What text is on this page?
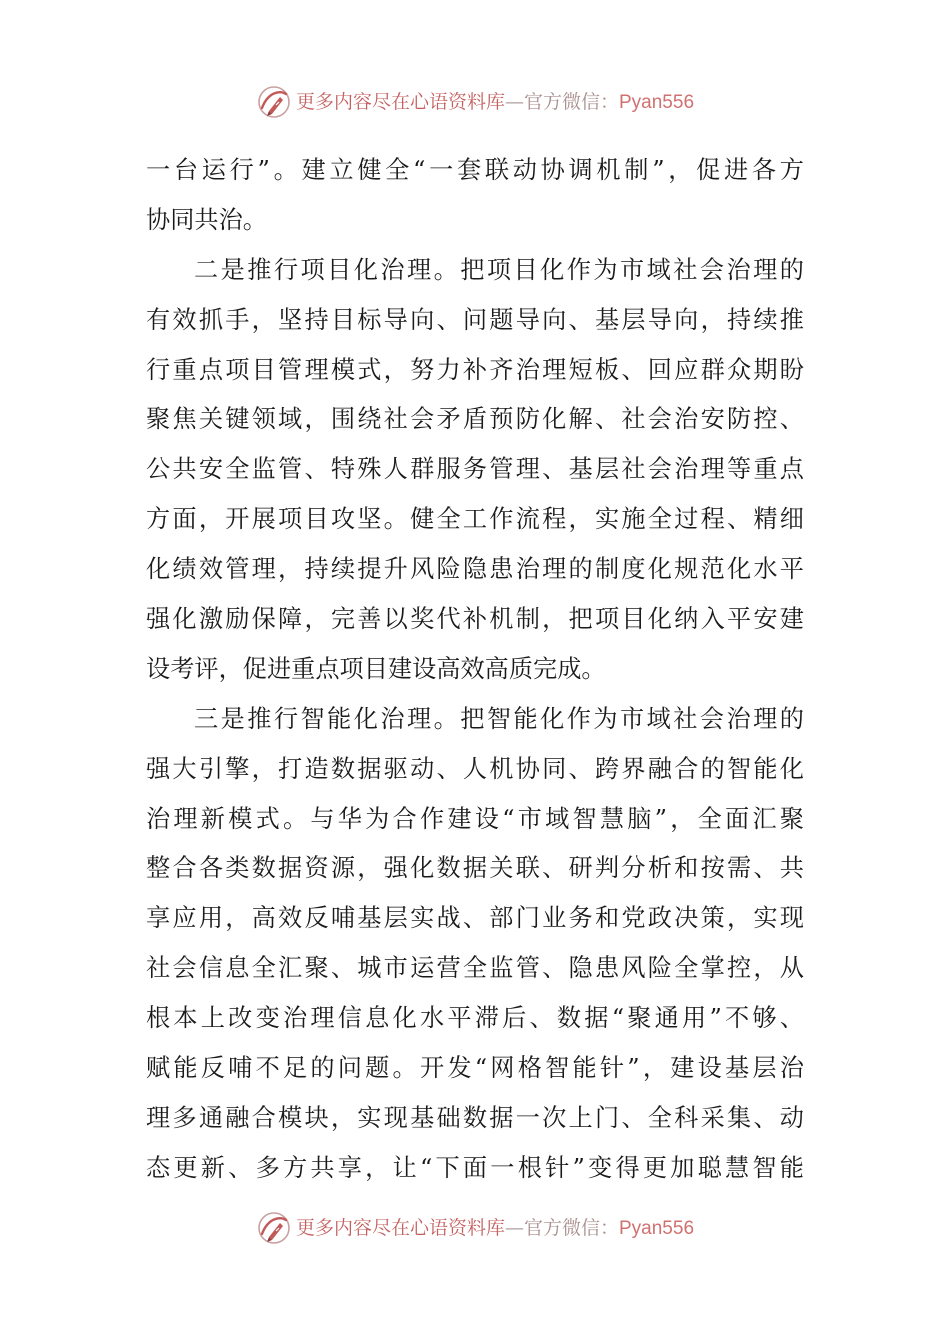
更多内容尽在心语资料库—官方微信：Pyan556
一台运行”。建立健全“一套联动协调机制”，促进各方
协同共治。
二是推行项目化治理。把项目化作为市域社会治理的
有效抓手，坚持目标导向、问题导向、基层导向，持续推
行重点项目管理模式，努力补齐治理短板、回应群众期盼
聚焦关键领域，围绕社会矛盾预防化解、社会治安防控、
公共安全监管、特殊人群服务管理、基层社会治理等重点
方面，开展项目攻坚。健全工作流程，实施全过程、精细
化绩效管理，持续提升风险隐患治理的制度化规范化水平
强化激励保障，完善以奖代补机制，把项目化纳入平安建
设考评，促进重点项目建设高效高质完成。
三是推行智能化治理。把智能化作为市域社会治理的
强大引擎，打造数据驱动、人机协同、跨界融合的智能化
治理新模式。与华为合作建设“市域智慧脑”，全面汇聚
整合各类数据资源，强化数据关联、研判分析和按需、共
享应用，高效反哺基层实战、部门业务和党政决策，实现
社会信息全汇聚、城市运营全监管、隐患风险全掌控，从
根本上改变治理信息化水平滞后、数据“聚通用”不够、
赋能反哺不足的问题。开发“网格智能针”，建设基层治
理多通融合模块，实现基础数据一次上门、全科采集、动
态更新、多方共享，让“下面一根针”变得更加聪慧智能
更多内容尽在心语资料库—官方微信：Pyan556
